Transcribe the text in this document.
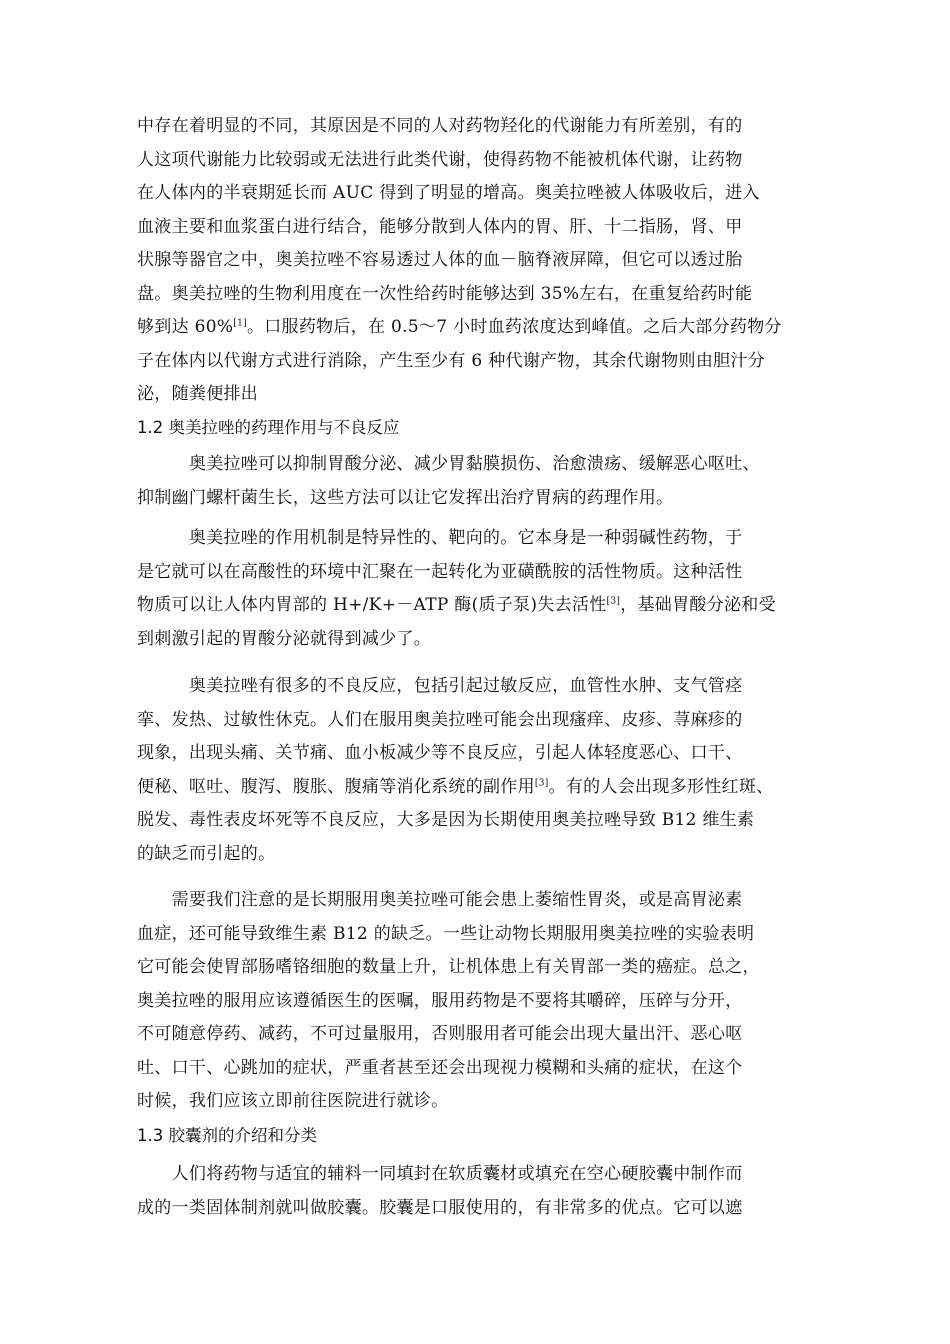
中存在着明显的不同，其原因是不同的人对药物羟化的代谢能力有所差别，有的
人这项代谢能力比较弱或无法进行此类代谢，使得药物不能被机体代谢，让药物
在人体内的半衰期延长而 AUC 得到了明显的增高。奥美拉唑被人体吸收后，进入
血液主要和血浆蛋白进行结合，能够分散到人体内的胃、肝、十二指肠，肾、甲
状腺等器官之中，奥美拉唑不容易透过人体的血－脑脊液屏障，但它可以透过胎
盘。奥美拉唑的生物利用度在一次性给药时能够达到 35%左右，在重复给药时能
够到达 60%[1]。口服药物后，在 0.5～7 小时血药浓度达到峰值。之后大部分药物分
子在体内以代谢方式进行消除，产生至少有 6 种代谢产物，其余代谢物则由胆汁分
泌，随粪便排出
1.2 奥美拉唑的药理作用与不良反应
　　　奥美拉唑可以抑制胃酸分泌、减少胃黏膜损伤、治愈溃疡、缓解恶心呕吐、
抑制幽门螺杆菌生长，这些方法可以让它发挥出治疗胃病的药理作用。
　　　奥美拉唑的作用机制是特异性的、靶向的。它本身是一种弱碱性药物，于
是它就可以在高酸性的环境中汇聚在一起转化为亚磺酰胺的活性物质。这种活性
物质可以让人体内胃部的 H+/K+－ATP 酶(质子泵)失去活性[3]，基础胃酸分泌和受
到刺激引起的胃酸分泌就得到减少了。
　　　奥美拉唑有很多的不良反应，包括引起过敏反应，血管性水肿、支气管痉
挛、发热、过敏性休克。人们在服用奥美拉唑可能会出现瘙痒、皮疹、荨麻疹的
现象，出现头痛、关节痛、血小板减少等不良反应，引起人体轻度恶心、口干、
便秘、呕吐、腹泻、腹胀、腹痛等消化系统的副作用[3]。有的人会出现多形性红斑、
脱发、毒性表皮坏死等不良反应，大多是因为长期使用奥美拉唑导致 B12 维生素
的缺乏而引起的。
　　需要我们注意的是长期服用奥美拉唑可能会患上萎缩性胃炎，或是高胃泌素
血症，还可能导致维生素 B12 的缺乏。一些让动物长期服用奥美拉唑的实验表明
它可能会使胃部肠嗜铬细胞的数量上升，让机体患上有关胃部一类的癌症。总之，
奥美拉唑的服用应该遵循医生的医嘱，服用药物是不要将其嚼碎，压碎与分开，
不可随意停药、减药，不可过量服用，否则服用者可能会出现大量出汗、恶心呕
吐、口干、心跳加的症状，严重者甚至还会出现视力模糊和头痛的症状，在这个
时候，我们应该立即前往医院进行就诊。
1.3 胶囊剂的介绍和分类
　　人们将药物与适宜的辅料一同填封在软质囊材或填充在空心硬胶囊中制作而
成的一类固体制剂就叫做胶囊。胶囊是口服使用的，有非常多的优点。它可以遮
